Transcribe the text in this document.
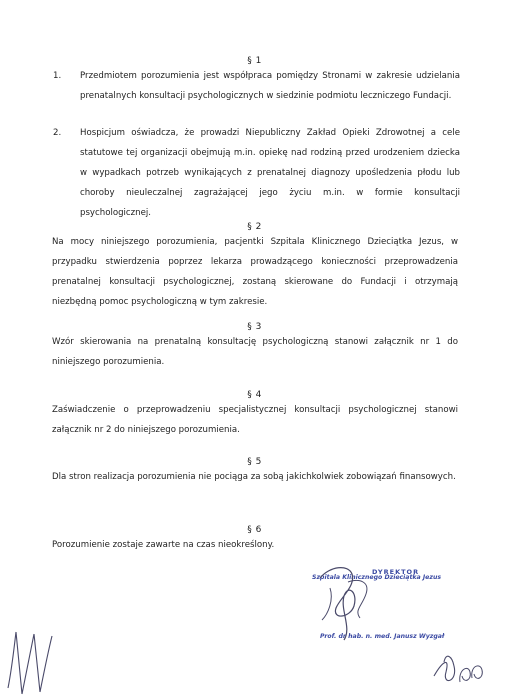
§ 1
1.	Przedmiotem porozumienia jest współpraca pomiędzy Stronami w zakresie udzielania prenatalnych konsultacji psychologicznych w siedzinie podmiotu leczniczego Fundacji.
2.	Hospicjum oświadcza, że prowadzi Niepubliczny Zakład Opieki Zdrowotnej a cele statutowe tej organizacji obejmują m.in. opiekę nad rodziną przed urodzeniem dziecka w wypadkach potrzeb wynikających z prenatalnej diagnozy upośledzenia płodu lub choroby nieuleczalnej zagrażającej jego życiu m.in. w formie konsultacji psychologicznej.
§ 2
Na mocy niniejszego porozumienia, pacjentki Szpitala Klinicznego Dzieciątka Jezus, w przypadku stwierdzenia poprzez lekarza prowadzącego konieczności przeprowadzenia prenatalnej konsultacji psychologicznej, zostaną skierowane do Fundacji i otrzymają niezbędną pomoc psychologiczną w tym zakresie.
§ 3
Wzór skierowania na prenatalną konsultację psychologiczną stanowi załącznik nr 1 do niniejszego porozumienia.
§ 4
Zaświadczenie o przeprowadzeniu specjalistycznej konsultacji psychologicznej stanowi załącznik nr 2 do niniejszego porozumienia.
§ 5
Dla stron realizacja porozumienia nie pociąga za sobą jakichkolwiek zobowiązań finansowych.
§ 6
Porozumienie zostaje zawarte na czas nieokreślony.
DYREKTOR
Szpitala Klinicznego Dzieciątka Jezus
Prof. dr hab. n. med. Janusz Wyzgał
